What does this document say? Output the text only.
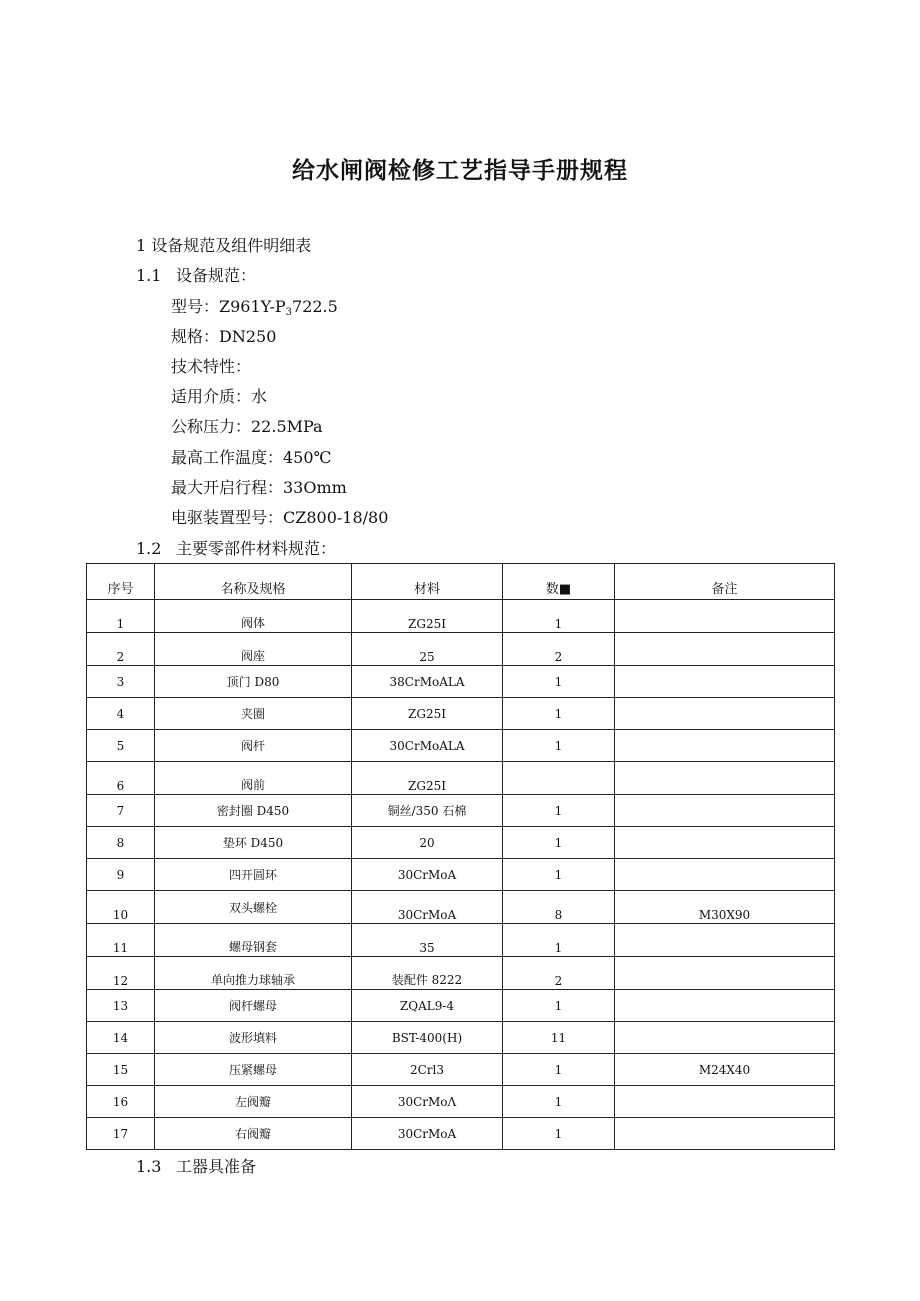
给水闸阀检修工艺指导手册规程
1 设备规范及组件明细表
1.1 设备规范：
型号：$Z961Y-P_3722.5$
规格：DN250
技术特性：
适用介质：水
公称压力：22.5MPa
最高工作温度：450℃
最大开启行程：33Omm
电驱装置型号：CZ800-18/80
1.2 主要零部件材料规范：
序号	名称及规格	材料	数■	备注
1	阀体	ZG25I	1	
2	阀座	25	2	
3	顶门 D80	38CrMoALA	1	
4	夹圈	ZG25I	1	
5	阀杆	30CrMoALA	1	
6	阀前	ZG25I		
7	密封圈 D450	铜丝/350 石棉	1	
8	垫环 D450	20	1	
9	四开圆环	30CrMoA	1	
10	双头螺栓	30CrMoA	8	M30X90
11	螺母钢套	35	1	
12	单向推力球轴承	装配件 8222	2	
13	阀杆螺母	ZQAL9-4	1	
14	波形填料	BST-400(H)	11	
15	压紧螺母	2Crl3	1	M24X40
16	左阀瓣	30CrMoΛ	1	
17	右阀瓣	30CrMoA	1	
1.3 工器具准备
